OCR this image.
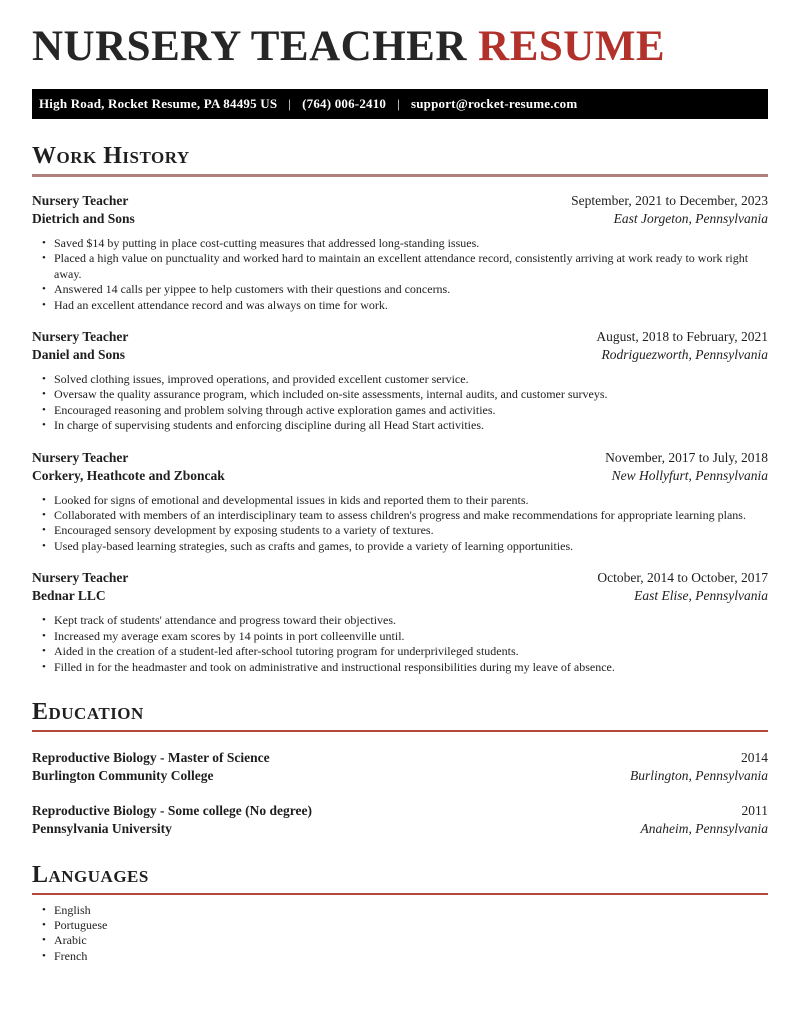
NURSERY TEACHER RESUME
High Road, Rocket Resume, PA 84495 US | (764) 006-2410 | support@rocket-resume.com
Work History
Nursery Teacher	September, 2021 to December, 2023
Dietrich and Sons	East Jorgeton, Pennsylvania
• Saved $14 by putting in place cost-cutting measures that addressed long-standing issues.
• Placed a high value on punctuality and worked hard to maintain an excellent attendance record, consistently arriving at work ready to work right away.
• Answered 14 calls per yippee to help customers with their questions and concerns.
• Had an excellent attendance record and was always on time for work.
Nursery Teacher	August, 2018 to February, 2021
Daniel and Sons	Rodriguezworth, Pennsylvania
• Solved clothing issues, improved operations, and provided excellent customer service.
• Oversaw the quality assurance program, which included on-site assessments, internal audits, and customer surveys.
• Encouraged reasoning and problem solving through active exploration games and activities.
• In charge of supervising students and enforcing discipline during all Head Start activities.
Nursery Teacher	November, 2017 to July, 2018
Corkery, Heathcote and Zboncak	New Hollyfurt, Pennsylvania
• Looked for signs of emotional and developmental issues in kids and reported them to their parents.
• Collaborated with members of an interdisciplinary team to assess children's progress and make recommendations for appropriate learning plans.
• Encouraged sensory development by exposing students to a variety of textures.
• Used play-based learning strategies, such as crafts and games, to provide a variety of learning opportunities.
Nursery Teacher	October, 2014 to October, 2017
Bednar LLC	East Elise, Pennsylvania
• Kept track of students' attendance and progress toward their objectives.
• Increased my average exam scores by 14 points in port colleenville until.
• Aided in the creation of a student-led after-school tutoring program for underprivileged students.
• Filled in for the headmaster and took on administrative and instructional responsibilities during my leave of absence.
Education
Reproductive Biology - Master of Science	2014
Burlington Community College	Burlington, Pennsylvania
Reproductive Biology - Some college (No degree)	2011
Pennsylvania University	Anaheim, Pennsylvania
Languages
• English
• Portuguese
• Arabic
• French
